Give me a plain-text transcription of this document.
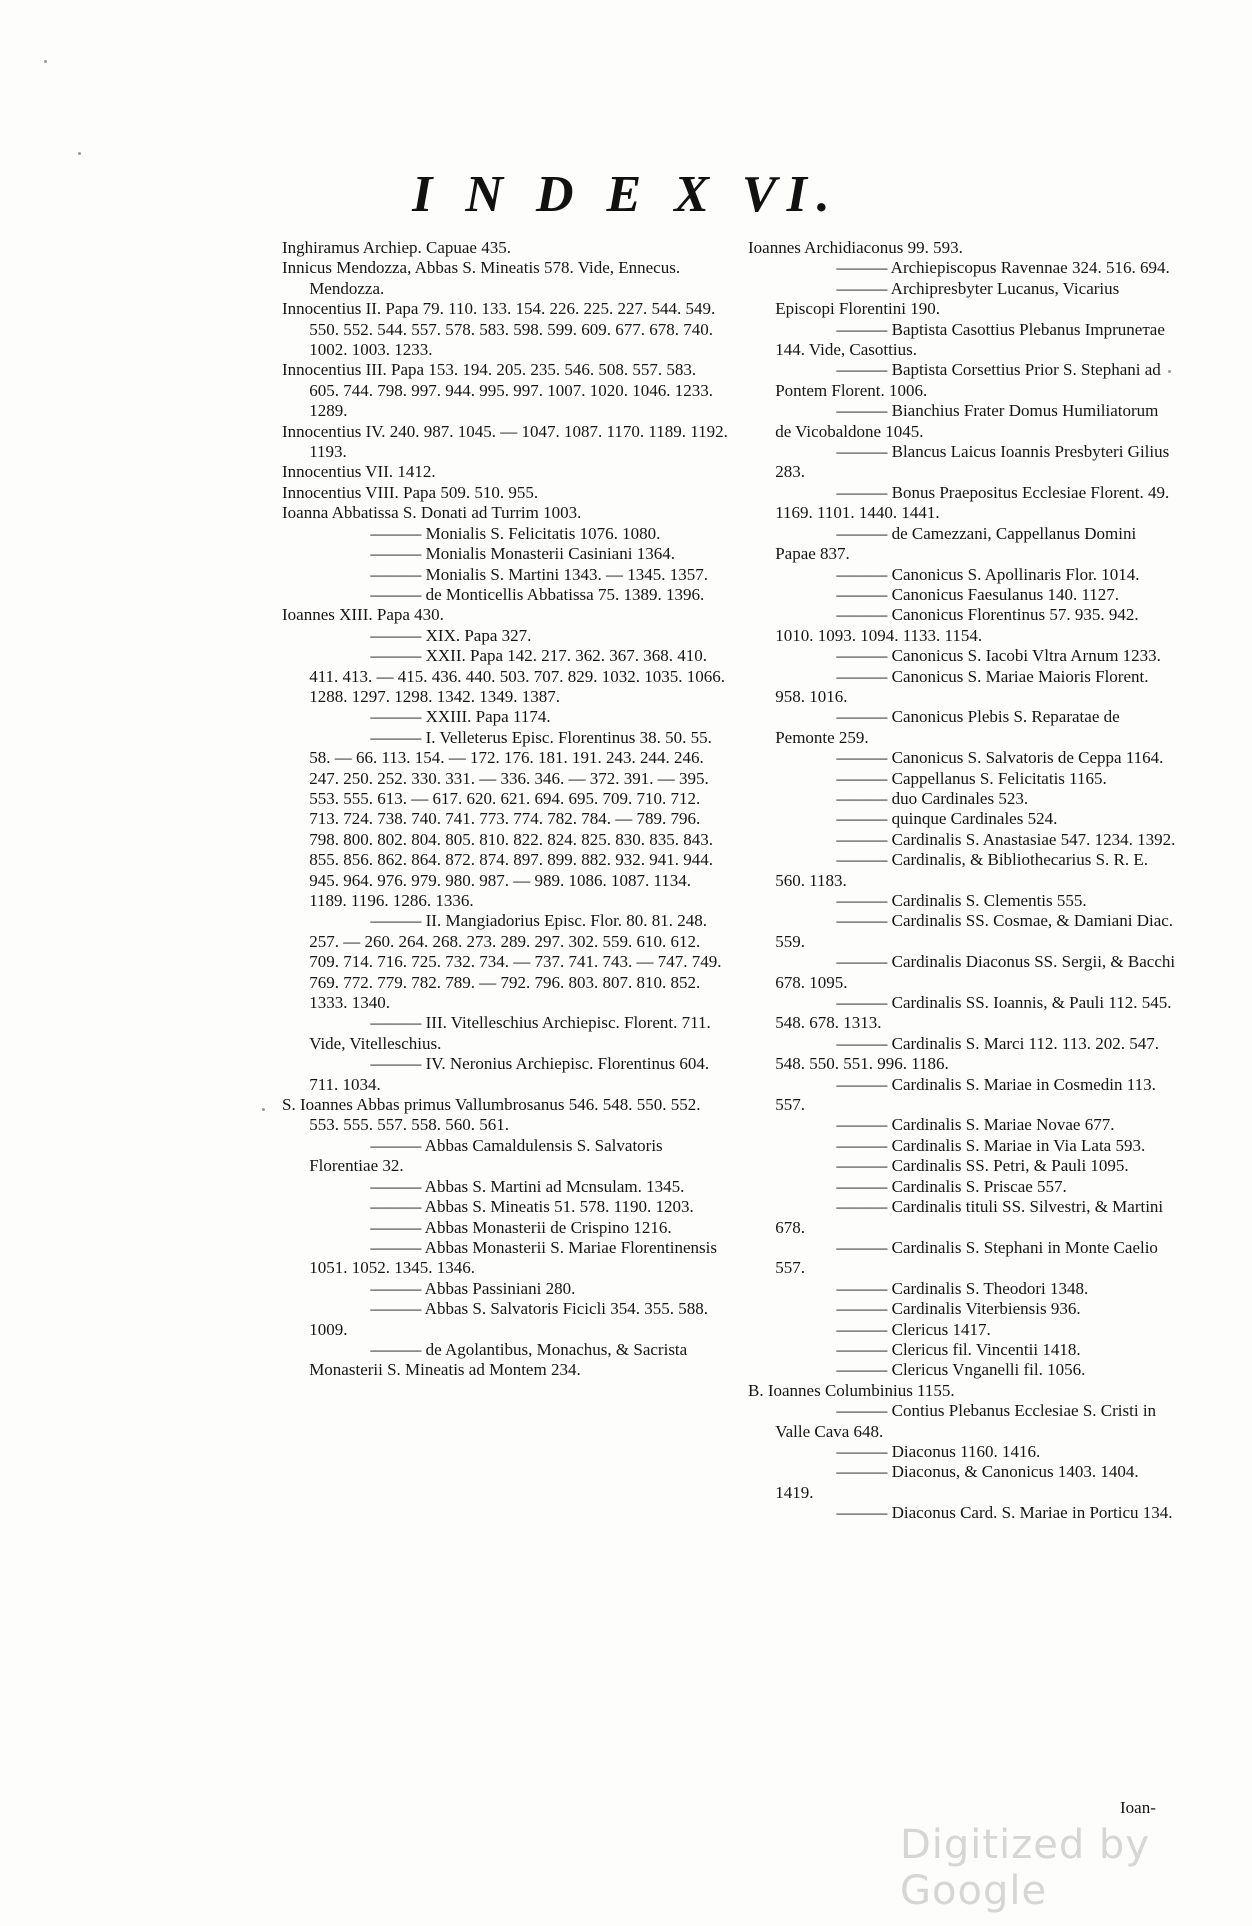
I N D E X VI.
Inghiramus Archiep. Capuae 435.
Innicus Mendozza, Abbas S. Mineatis 578. Vide, Ennecus. Mendozza.
Innocentius II. Papa 79. 110. 133. 154. 226. 225. 227. 544. 549. 550. 552. 544. 557. 578. 583. 598. 599. 609. 677. 678. 740. 1002. 1003. 1233.
Innocentius III. Papa 153. 194. 205. 235. 546. 508. 557. 583. 605. 744. 798. 997. 944. 995. 997. 1007. 1020. 1046. 1233. 1289.
Innocentius IV. 240. 987. 1045. — 1047. 1087. 1170. 1189. 1192. 1193.
Innocentius VII. 1412.
Innocentius VIII. Papa 509. 510. 955.
Ioanna Abbatissa S. Donati ad Turrim 1003.
——— Monialis S. Felicitatis 1076. 1080.
——— Monialis Monasterii Casiniani 1364.
——— Monialis S. Martini 1343. — 1345. 1357.
——— de Monticellis Abbatissa 75. 1389. 1396.
Ioannes XIII. Papa 430.
——— XIX. Papa 327.
——— XXII. Papa 142. 217. 362. 367. 368. 410. 411. 413. — 415. 436. 440. 503. 707. 829. 1032. 1035. 1066. 1288. 1297. 1298. 1342. 1349. 1387.
——— XXIII. Papa 1174.
——— I. Velleterus Episc. Florentinus 38. 50. 55. 58. — 66. 113. 154. — 172. 176. 181. 191. 243. 244. 246. 247. 250. 252. 330. 331. — 336. 346. — 372. 391. — 395. 553. 555. 613. — 617. 620. 621. 694. 695. 709. 710. 712. 713. 724. 738. 740. 741. 773. 774. 782. 784. — 789. 796. 798. 800. 802. 804. 805. 810. 822. 824. 825. 830. 835. 843. 855. 856. 862. 864. 872. 874. 897. 899. 882. 932. 941. 944. 945. 964. 976. 979. 980. 987. — 989. 1086. 1087. 1134. 1189. 1196. 1286. 1336.
——— II. Mangiadorius Episc. Flor. 80. 81. 248. 257. — 260. 264. 268. 273. 289. 297. 302. 559. 610. 612. 709. 714. 716. 725. 732. 734. — 737. 741. 743. — 747. 749. 769. 772. 779. 782. 789. — 792. 796. 803. 807. 810. 852. 1333. 1340.
——— III. Vitelleschius Archiepisc. Florent. 711. Vide, Vitelleschius.
——— IV. Neronius Archiepisc. Florentinus 604. 711. 1034.
S. Ioannes Abbas primus Vallumbrosanus 546. 548. 550. 552. 553. 555. 557. 558. 560. 561.
——— Abbas Camaldulensis S. Salvatoris Florentiae 32.
——— Abbas S. Martini ad Mcnsulam. 1345.
——— Abbas S. Mineatis 51. 578. 1190. 1203.
——— Abbas Monasterii de Crispino 1216.
——— Abbas Monasterii S. Mariae Florentinensis 1051. 1052. 1345. 1346.
——— Abbas Passiniani 280.
——— Abbas S. Salvatoris Ficicli 354. 355. 588. 1009.
——— de Agolantibus, Monachus, & Sacrista Monasterii S. Mineatis ad Montem 234.
Ioannes Archidiaconus 99. 593.
——— Archiepiscopus Ravennae 324. 516. 694.
——— Archipresbyter Lucanus, Vicarius Episcopi Florentini 190.
——— Baptista Casottius Plebanus Impruneтae 144. Vide, Casottius.
——— Baptista Corsettius Prior S. Stephani ad Pontem Florent. 1006.
——— Bianchius Frater Domus Humiliatorum de Vicobaldone 1045.
——— Blancus Laicus Ioannis Presbyteri Gilius 283.
——— Bonus Praepositus Ecclesiae Florent. 49. 1169. 1101. 1440. 1441.
——— de Camezzani, Cappellanus Domini Papae 837.
——— Canonicus S. Apollinaris Flor. 1014.
——— Canonicus Faesulanus 140. 1127.
——— Canonicus Florentinus 57. 935. 942. 1010. 1093. 1094. 1133. 1154.
——— Canonicus S. Iacobi Vltra Arnum 1233.
——— Canonicus S. Mariae Maioris Florent. 958. 1016.
——— Canonicus Plebis S. Reparatae de Pemonte 259.
——— Canonicus S. Salvatoris de Ceppa 1164.
——— Cappellanus S. Felicitatis 1165.
——— duo Cardinales 523.
——— quinque Cardinales 524.
——— Cardinalis S. Anastasiae 547. 1234. 1392.
——— Cardinalis, & Bibliothecarius S. R. E. 560. 1183.
——— Cardinalis S. Clementis 555.
——— Cardinalis SS. Cosmae, & Damiani Diac. 559.
——— Cardinalis Diaconus SS. Sergii, & Bacchi 678. 1095.
——— Cardinalis SS. Ioannis, & Pauli 112. 545. 548. 678. 1313.
——— Cardinalis S. Marci 112. 113. 202. 547. 548. 550. 551. 996. 1186.
——— Cardinalis S. Mariae in Cosmedin 113. 557.
——— Cardinalis S. Mariae Novae 677.
——— Cardinalis S. Mariae in Via Lata 593.
——— Cardinalis SS. Petri, & Pauli 1095.
——— Cardinalis S. Priscae 557.
——— Cardinalis tituli SS. Silvestri, & Martini 678.
——— Cardinalis S. Stephani in Monte Caelio 557.
——— Cardinalis S. Theodori 1348.
——— Cardinalis Viterbiensis 936.
——— Clericus 1417.
——— Clericus fil. Vincentii 1418.
——— Clericus Vnganelli fil. 1056.
B. Ioannes Columbinius 1155.
——— Contius Plebanus Ecclesiae S. Cristi in Valle Cava 648.
——— Diaconus 1160. 1416.
——— Diaconus, & Canonicus 1403. 1404. 1419.
——— Diaconus Card. S. Mariae in Porticu 134.
Ioan-
Digitized by Google
